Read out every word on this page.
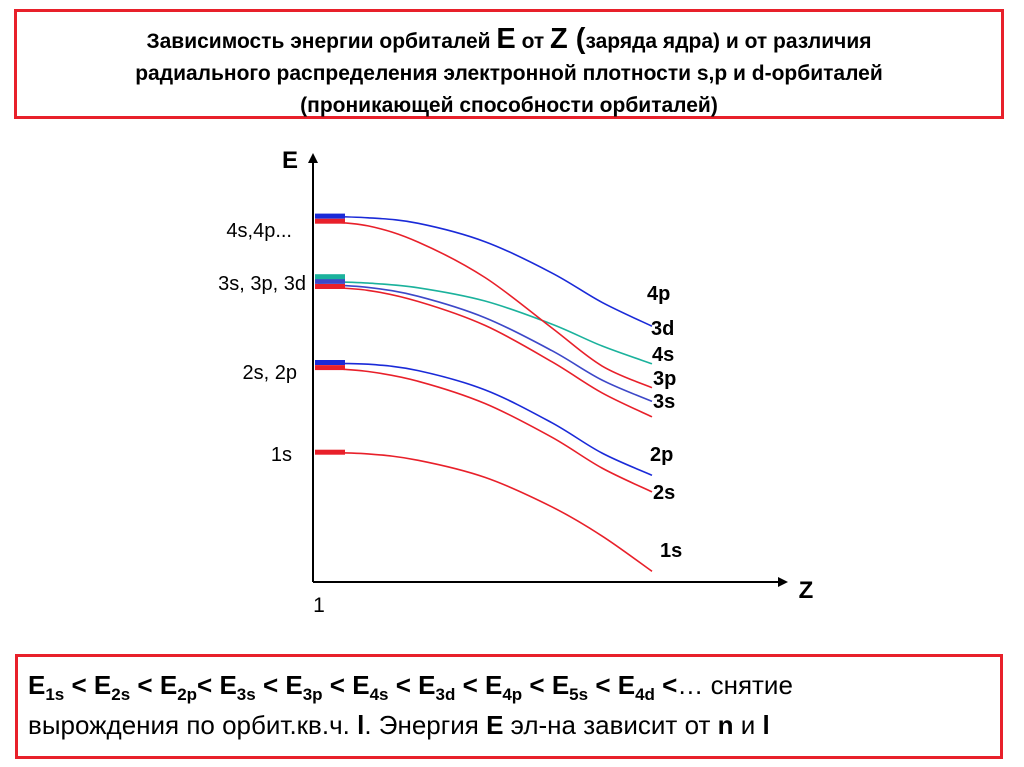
Зависимость энергии орбиталей E от Z (заряда ядра) и от различия
радиального распределения электронной плотности s,p и d-орбиталей
(проникающей способности орбиталей)
E
Z
1
4s,4p...
3s, 3p, 3d
2s, 2p
1s
4p
3d
4s
3p
3s
2p
2s
1s
$E_{1s} < E_{2s} < E_{2p}< E_{3s} < E_{3p} < E_{4s} < E_{3d} < E_{4p} < E_{5s} < E_{4d}$ <… снятие
вырождения по орбит.кв.ч. l. Энергия E эл-на зависит от n и l
